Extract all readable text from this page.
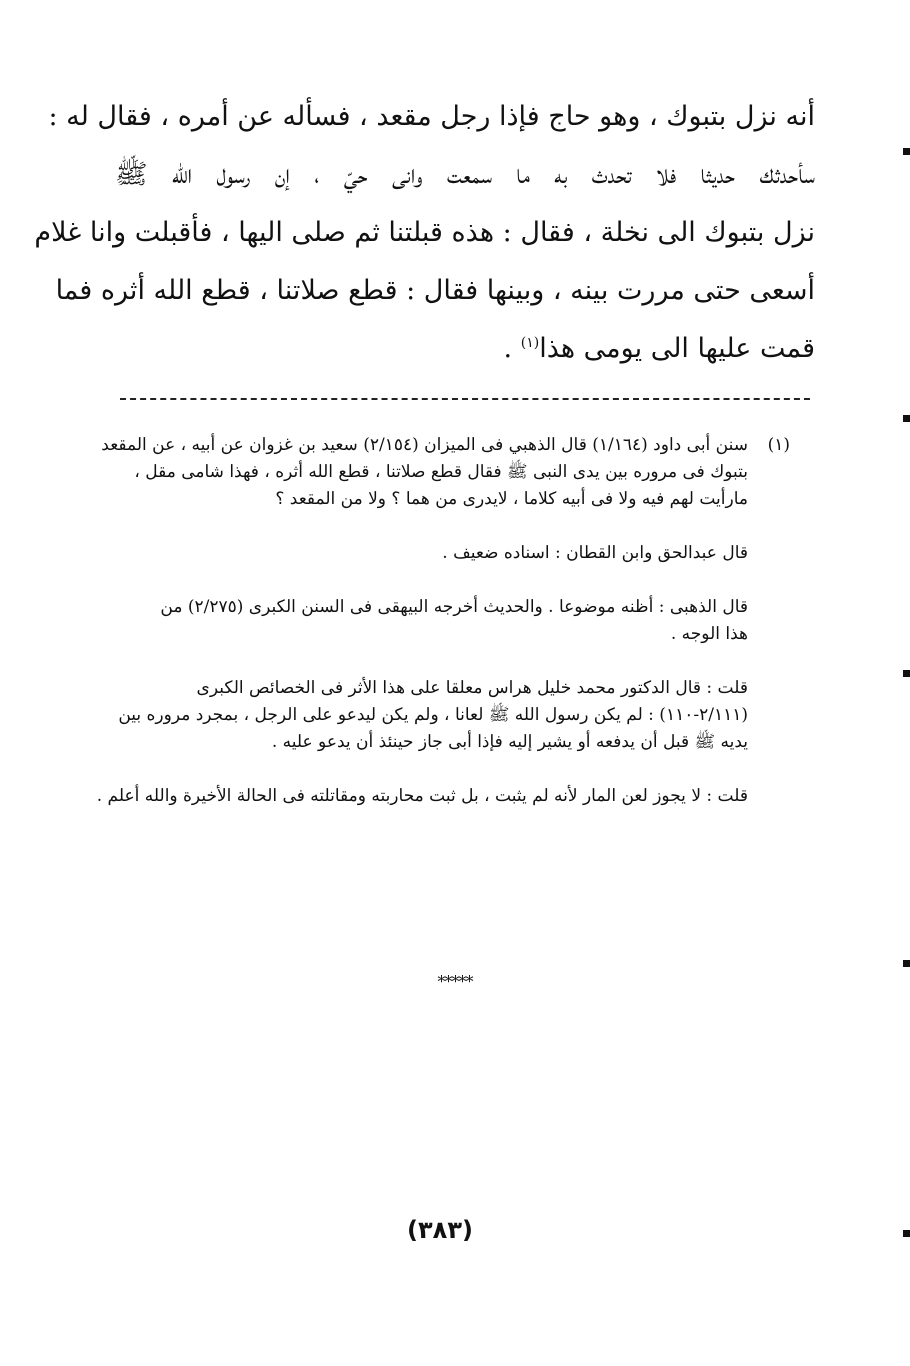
أنه نزل بتبوك ، وهو حاج فإذا رجل مقعد ، فسأله عن أمره ، فقال له :
سأحدثك حديثا فلا تحدث به ما سمعت وانى حيّ ، إن رسول الله ﷺ
نزل بتبوك الى نخلة ، فقال : هذه قبلتنا ثم صلى اليها ، فأقبلت وانا غلام
أسعى حتى مررت بينه ، وبينها فقال : قطع صلاتنا ، قطع الله أثره فما
قمت عليها الى يومى هذا$^{(١)}$ .
(١)سنن أبى داود (١/١٦٤) قال الذهبي فى الميزان (٢/١٥٤) سعيد بن غزوان عن أبيه ، عن المقعد
بتبوك فى مروره بين يدى النبى ﷺ فقال قطع صلاتنا ، قطع الله أثره ، فهذا شامى مقل ،
مارأيت لهم فيه ولا فى أبيه كلاما ، لايدرى من هما ؟ ولا من المقعد ؟
قال عبدالحق وابن القطان : اسناده ضعيف .
قال الذهبى : أظنه موضوعا . والحديث أخرجه البيهقى فى السنن الكبرى (٢/٢٧٥) من
هذا الوجه .
قلت : قال الدكتور محمد خليل هراس معلقا على هذا الأثر فى الخصائص الكبرى
(٢/١١١-١١٠) : لم يكن رسول الله ﷺ لعانا ، ولم يكن ليدعو على الرجل ، بمجرد مروره بين
يديه ﷺ قبل أن يدفعه أو يشير إليه فإذا أبى جاز حينئذ أن يدعو عليه .
قلت : لا يجوز لعن المار لأنه لم يثبت ، بل ثبت محاربته ومقاتلته فى الحالة الأخيرة والله أعلم .
*****
(٣٨٣)
